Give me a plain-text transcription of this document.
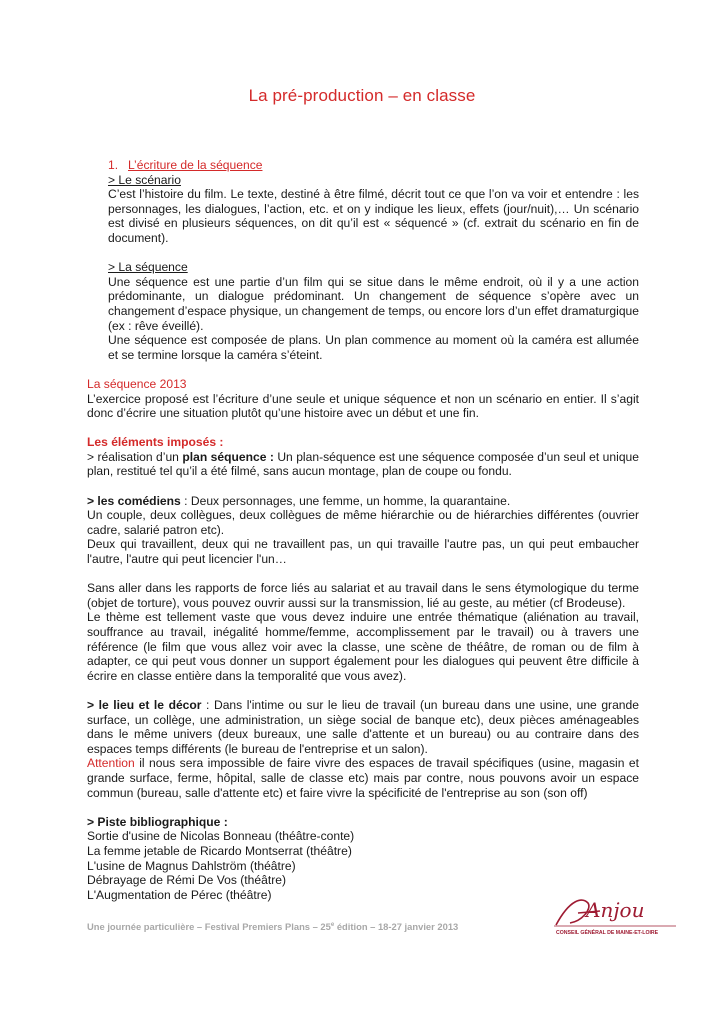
La pré-production – en classe
1. L’écriture de la séquence
> Le scénario
C’est l’histoire du film. Le texte, destiné à être filmé, décrit tout ce que l’on va voir et entendre : les personnages, les dialogues, l’action, etc. et on y indique les lieux, effets (jour/nuit),… Un scénario est divisé en plusieurs séquences, on dit qu’il est « séquencé » (cf. extrait du scénario en fin de document).
> La séquence
Une séquence est une partie d’un film qui se situe dans le même endroit, où il y a une action prédominante, un dialogue prédominant. Un changement de séquence s’opère avec un changement d’espace physique, un changement de temps, ou encore lors d’un effet dramaturgique (ex : rêve éveillé).
Une séquence est composée de plans. Un plan commence au moment où la caméra est allumée et se termine lorsque la caméra s’éteint.
La séquence 2013
L’exercice proposé est l’écriture d’une seule et unique séquence et non un scénario en entier. Il s’agit donc d’écrire une situation plutôt qu’une histoire avec un début et une fin.
Les éléments imposés :
> réalisation d’un plan séquence : Un plan-séquence est une séquence composée d’un seul et unique plan, restitué tel qu’il a été filmé, sans aucun montage, plan de coupe ou fondu.
> les comédiens : Deux personnages, une femme, un homme, la quarantaine.
Un couple, deux collègues, deux collègues de même hiérarchie ou de hiérarchies différentes (ouvrier cadre, salarié patron etc).
Deux qui travaillent, deux qui ne travaillent pas, un qui travaille l'autre pas, un qui peut embaucher l'autre, l'autre qui peut licencier l'un…
Sans aller dans les rapports de force liés au salariat et au travail dans le sens étymologique du terme (objet de torture), vous pouvez ouvrir aussi sur la transmission, lié au geste, au métier (cf Brodeuse).
Le thème est tellement vaste que vous devez induire une entrée thématique (aliénation au travail, souffrance au travail, inégalité homme/femme, accomplissement par le travail) ou à travers une référence (le film que vous allez voir avec la classe, une scène de théâtre, de roman ou de film à adapter, ce qui peut vous donner un support également pour les dialogues qui peuvent être difficile à écrire en classe entière dans la temporalité que vous avez).
> le lieu et le décor : Dans l'intime ou sur le lieu de travail (un bureau dans une usine, une grande surface, un collège, une administration, un siège social de banque etc), deux pièces aménageables dans le même univers (deux bureaux, une salle d'attente et un bureau) ou au contraire dans des espaces temps différents (le bureau de l'entreprise et un salon).
Attention il nous sera impossible de faire vivre des espaces de travail spécifiques (usine, magasin et grande surface, ferme, hôpital, salle de classe etc) mais par contre, nous pouvons avoir un espace commun (bureau, salle d'attente etc) et faire vivre la spécificité de l'entreprise au son (son off)
> Piste bibliographique :
Sortie d'usine de Nicolas Bonneau (théâtre-conte)
La femme jetable de Ricardo Montserrat (théâtre)
L'usine de Magnus Dahlström (théâtre)
Débrayage de Rémi De Vos (théâtre)
L'Augmentation de Pérec (théâtre)
Une journée particulière – Festival Premiers Plans – 25e édition – 18-27 janvier 2013
Anjou
CONSEIL GÉNÉRAL DE MAINE-ET-LOIRE
